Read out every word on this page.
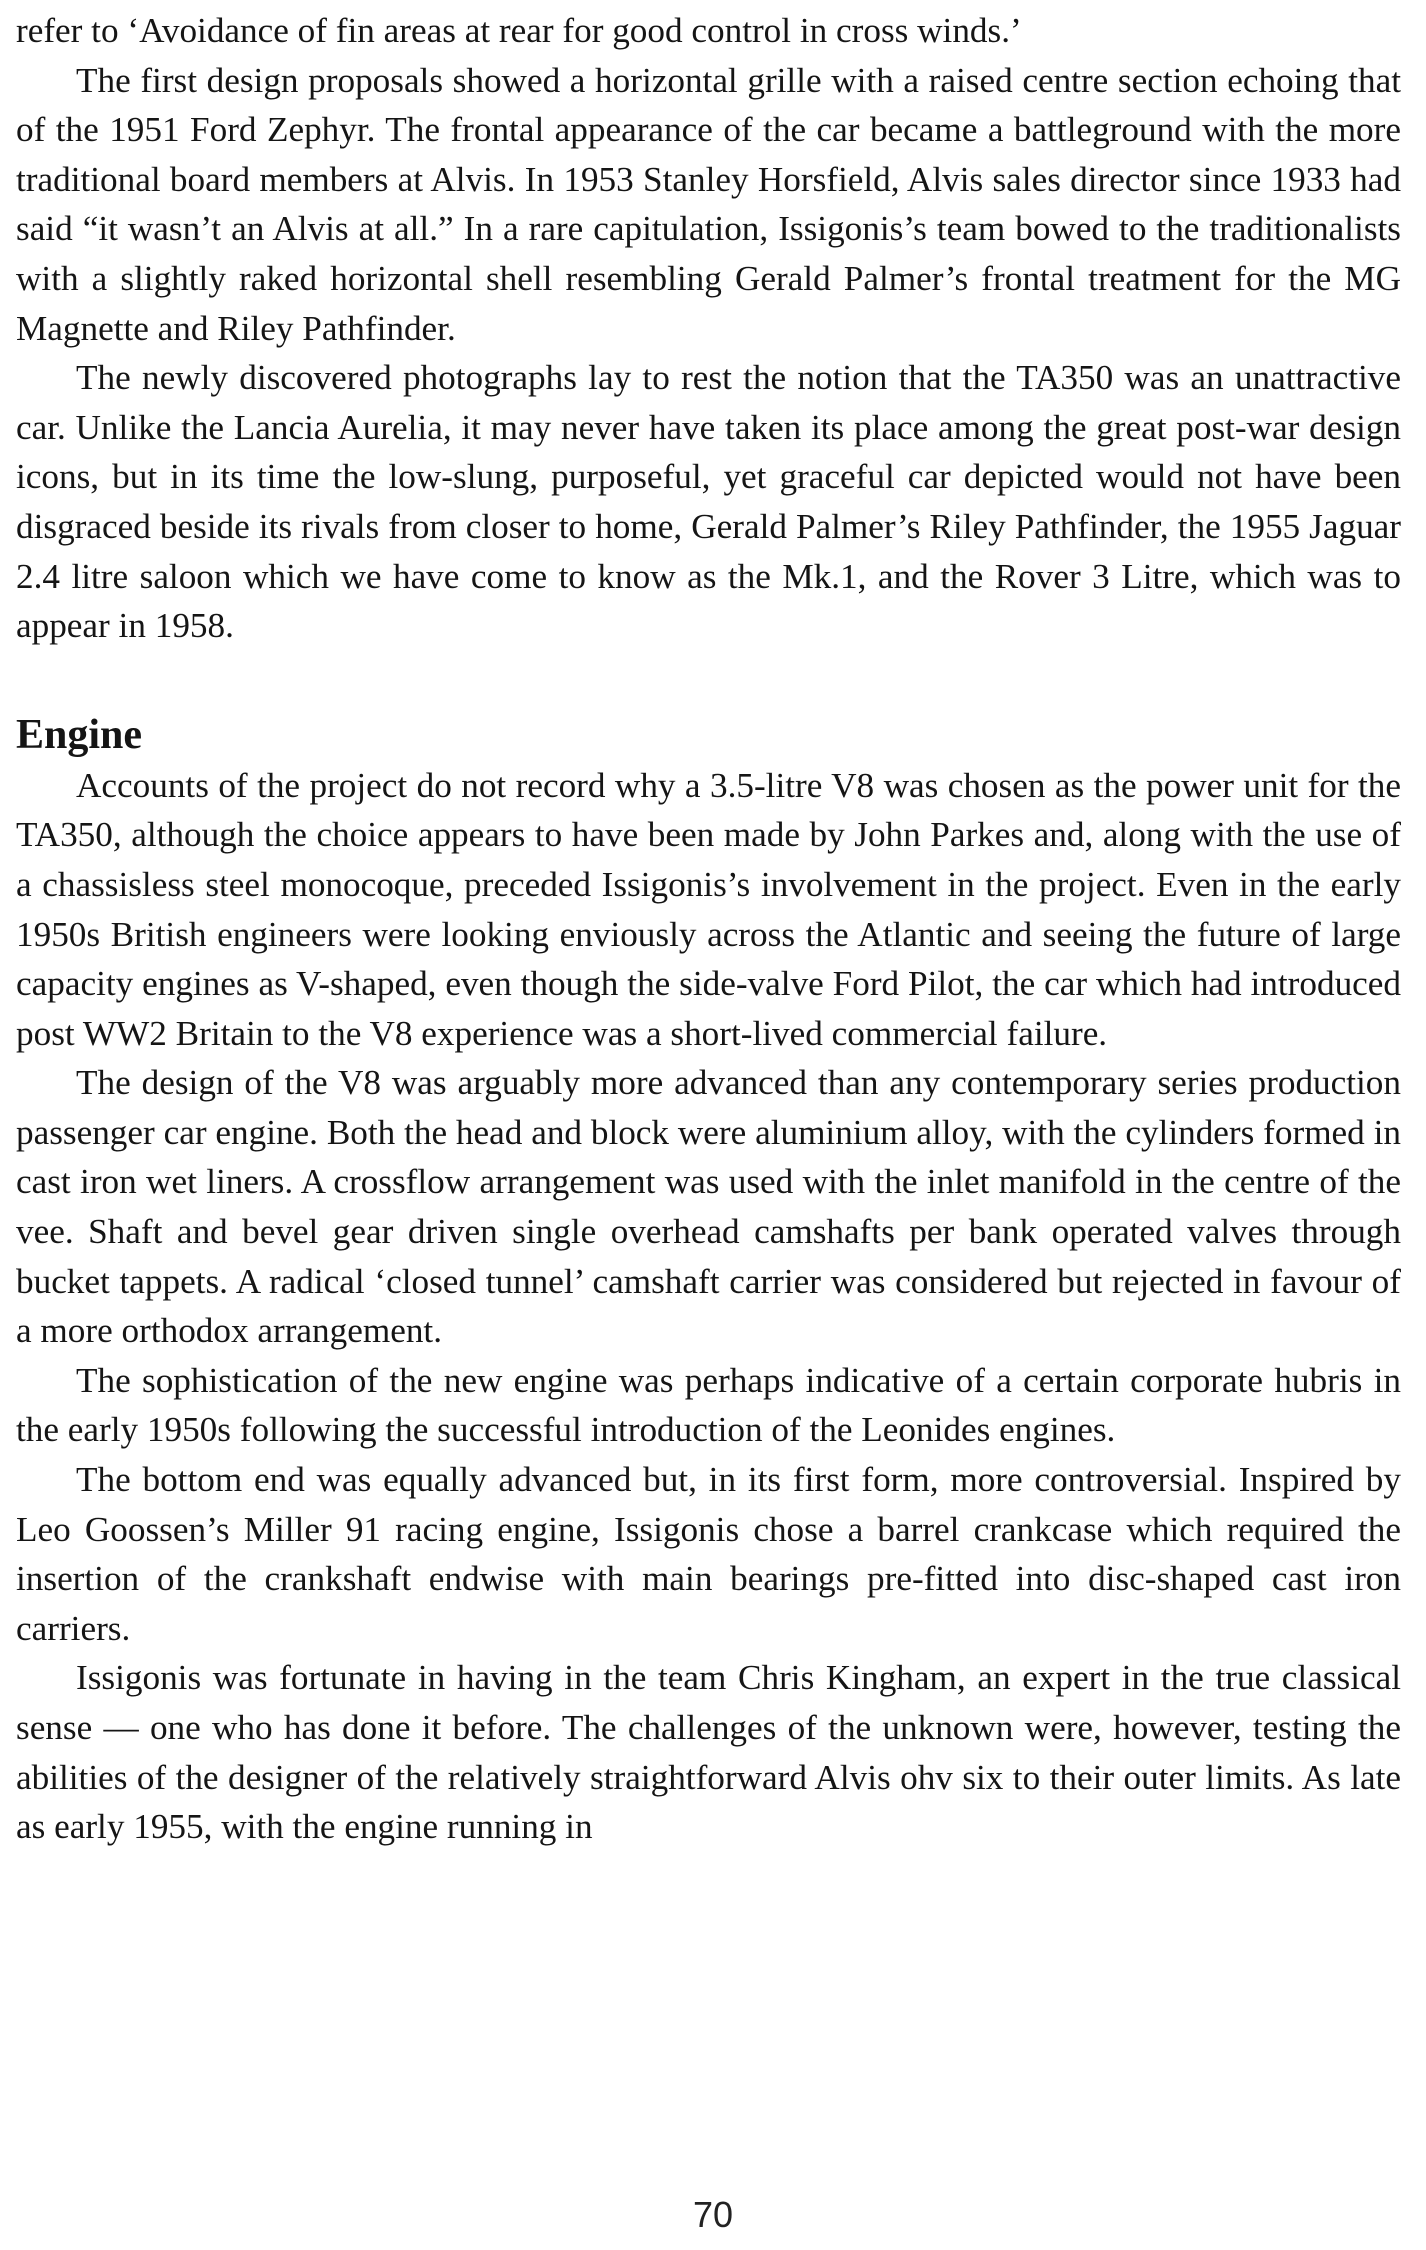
refer to ‘Avoidance of fin areas at rear for good control in cross winds.’

The first design proposals showed a horizontal grille with a raised centre section echoing that of the 1951 Ford Zephyr. The frontal appearance of the car became a battleground with the more traditional board members at Alvis. In 1953 Stanley Horsfield, Alvis sales director since 1933 had said “it wasn’t an Alvis at all.” In a rare capitulation, Issigonis’s team bowed to the traditionalists with a slightly raked horizontal shell resembling Gerald Palmer’s frontal treatment for the MG Magnette and Riley Pathfinder.

The newly discovered photographs lay to rest the notion that the TA350 was an unattractive car. Unlike the Lancia Aurelia, it may never have taken its place among the great post-war design icons, but in its time the low-slung, purposeful, yet graceful car depicted would not have been disgraced beside its rivals from closer to home, Gerald Palmer’s Riley Pathfinder, the 1955 Jaguar 2.4 litre saloon which we have come to know as the Mk.1, and the Rover 3 Litre, which was to appear in 1958.

Engine

Accounts of the project do not record why a 3.5-litre V8 was chosen as the power unit for the TA350, although the choice appears to have been made by John Parkes and, along with the use of a chassisless steel monocoque, preceded Issigonis’s involvement in the project. Even in the early 1950s British engineers were looking enviously across the Atlantic and seeing the future of large capacity engines as V-shaped, even though the side-valve Ford Pilot, the car which had introduced post WW2 Britain to the V8 experience was a short-lived commercial failure.

The design of the V8 was arguably more advanced than any contemporary series production passenger car engine. Both the head and block were aluminium alloy, with the cylinders formed in cast iron wet liners. A crossflow arrangement was used with the inlet manifold in the centre of the vee. Shaft and bevel gear driven single overhead camshafts per bank operated valves through bucket tappets. A radical ‘closed tunnel’ camshaft carrier was considered but rejected in favour of a more orthodox arrangement.

The sophistication of the new engine was perhaps indicative of a certain corporate hubris in the early 1950s following the successful introduction of the Leonides engines.

The bottom end was equally advanced but, in its first form, more controversial. Inspired by Leo Goossen’s Miller 91 racing engine, Issigonis chose a barrel crankcase which required the insertion of the crankshaft endwise with main bearings pre-fitted into disc-shaped cast iron carriers.

Issigonis was fortunate in having in the team Chris Kingham, an expert in the true classical sense — one who has done it before. The challenges of the unknown were, however, testing the abilities of the designer of the relatively straightforward Alvis ohv six to their outer limits. As late as early 1955, with the engine running in

70
